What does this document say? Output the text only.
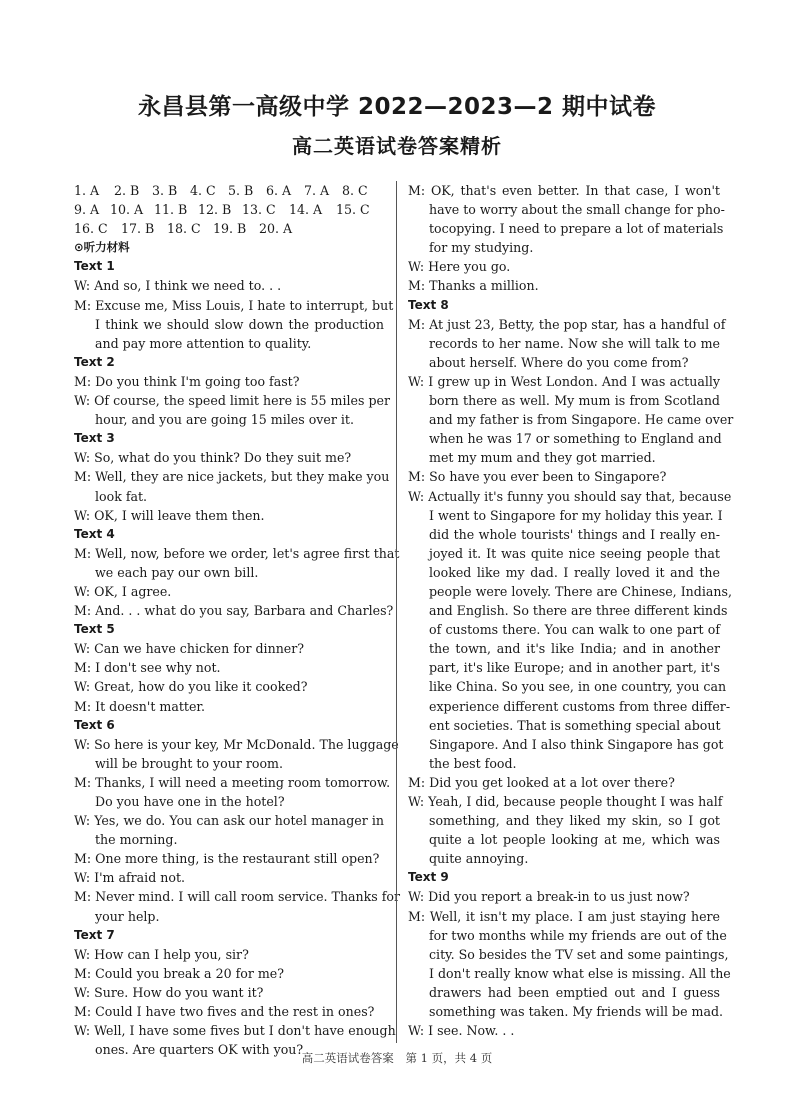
永昌县第一高级中学 2022—2023—2 期中试卷
高二英语试卷答案精析
1. A	2. B	3. B	4. C 5. B	6. A	7. A	8. C
9. A 10. A 11. B 12. B 13. C	14. A	15. C
16. C	17. B	18. C 19. B	20. A
⊙听力材料
Text 1
W: And so, I think we need to. . .
M: Excuse me, Miss Louis, I hate to interrupt, but
I think we should slow down the production
and pay more attention to quality.
Text 2
M: Do you think I'm going too fast?
W: Of course, the speed limit here is 55 miles per
hour, and you are going 15 miles over it.
Text 3
W: So, what do you think? Do they suit me?
M: Well, they are nice jackets, but they make you
look fat.
W: OK, I will leave them then.
Text 4
M: Well, now, before we order, let's agree first that
we each pay our own bill.
W: OK, I agree.
M: And. . . what do you say, Barbara and Charles?
Text 5
W: Can we have chicken for dinner?
M: I don't see why not.
W: Great, how do you like it cooked?
M: It doesn't matter.
Text 6
W: So here is your key, Mr McDonald. The luggage
will be brought to your room.
M: Thanks, I will need a meeting room tomorrow.
Do you have one in the hotel?
W: Yes, we do. You can ask our hotel manager in
the morning.
M: One more thing, is the restaurant still open?
W: I'm afraid not.
M: Never mind. I will call room service. Thanks for
your help.
Text 7
W: How can I help you, sir?
M: Could you break a 20 for me?
W: Sure. How do you want it?
M: Could I have two fives and the rest in ones?
W: Well, I have some fives but I don't have enough
ones. Are quarters OK with you?
M: OK, that's even better. In that case, I won't
have to worry about the small change for pho-
tocopying. I need to prepare a lot of materials
for my studying.
W: Here you go.
M: Thanks a million.
Text 8
M: At just 23, Betty, the pop star, has a handful of
records to her name. Now she will talk to me
about herself. Where do you come from?
W: I grew up in West London. And I was actually
born there as well. My mum is from Scotland
and my father is from Singapore. He came over
when he was 17 or something to England and
met my mum and they got married.
M: So have you ever been to Singapore?
W: Actually it's funny you should say that, because
I went to Singapore for my holiday this year. I
did the whole tourists' things and I really en-
joyed it. It was quite nice seeing people that
looked like my dad. I really loved it and the
people were lovely. There are Chinese, Indians,
and English. So there are three different kinds
of customs there. You can walk to one part of
the town, and it's like India; and in another
part, it's like Europe; and in another part, it's
like China. So you see, in one country, you can
experience different customs from three differ-
ent societies. That is something special about
Singapore. And I also think Singapore has got
the best food.
M: Did you get looked at a lot over there?
W: Yeah, I did, because people thought I was half
something, and they liked my skin, so I got
quite a lot people looking at me, which was
quite annoying.
Text 9
W: Did you report a break-in to us just now?
M: Well, it isn't my place. I am just staying here
for two months while my friends are out of the
city. So besides the TV set and some paintings,
I don't really know what else is missing. All the
drawers had been emptied out and I guess
something was taken. My friends will be mad.
W: I see. Now. . .
高二英语试卷答案 第 1 页，共 4 页
